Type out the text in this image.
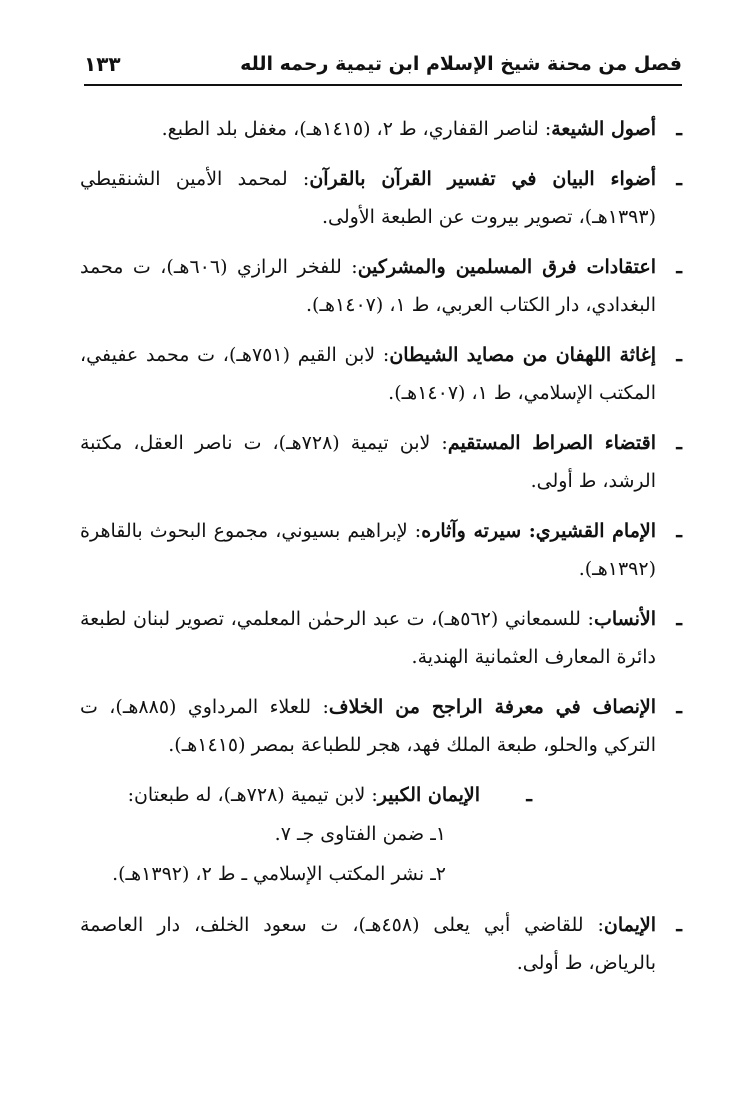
فصل من محنة شيخ الإسلام ابن تيمية رحمه الله
١٣٣
ـ
أصول الشيعة: لناصر القفاري، ط ٢، (١٤١٥هـ)، مغفل بلد الطبع.
ـ
أضواء البيان في تفسير القرآن بالقرآن: لمحمد الأمين الشنقيطي (١٣٩٣هـ)، تصوير بيروت عن الطبعة الأولى.
ـ
اعتقادات فرق المسلمين والمشركين: للفخر الرازي (٦٠٦هـ)، ت محمد البغدادي، دار الكتاب العربي، ط ١، (١٤٠٧هـ).
ـ
إغاثة اللهفان من مصايد الشيطان: لابن القيم (٧٥١هـ)، ت محمد عفيفي، المكتب الإسلامي، ط ١، (١٤٠٧هـ).
ـ
اقتضاء الصراط المستقيم: لابن تيمية (٧٢٨هـ)، ت ناصر العقل، مكتبة الرشد، ط أولى.
ـ
الإمام القشيري: سيرته وآثاره: لإبراهيم بسيوني، مجموع البحوث بالقاهرة (١٣٩٢هـ).
ـ
الأنساب: للسمعاني (٥٦٢هـ)، ت عبد الرحمٰن المعلمي، تصوير لبنان لطبعة دائرة المعارف العثمانية الهندية.
ـ
الإنصاف في معرفة الراجح من الخلاف: للعلاء المرداوي (٨٨٥هـ)، ت التركي والحلو، طبعة الملك فهد، هجر للطباعة بمصر (١٤١٥هـ).
ـ
الإيمان الكبير: لابن تيمية (٧٢٨هـ)، له طبعتان:
١ـ ضمن الفتاوى جـ ٧.
٢ـ نشر المكتب الإسلامي ـ ط ٢، (١٣٩٢هـ).
ـ
الإيمان: للقاضي أبي يعلى (٤٥٨هـ)، ت سعود الخلف، دار العاصمة بالرياض، ط أولى.
